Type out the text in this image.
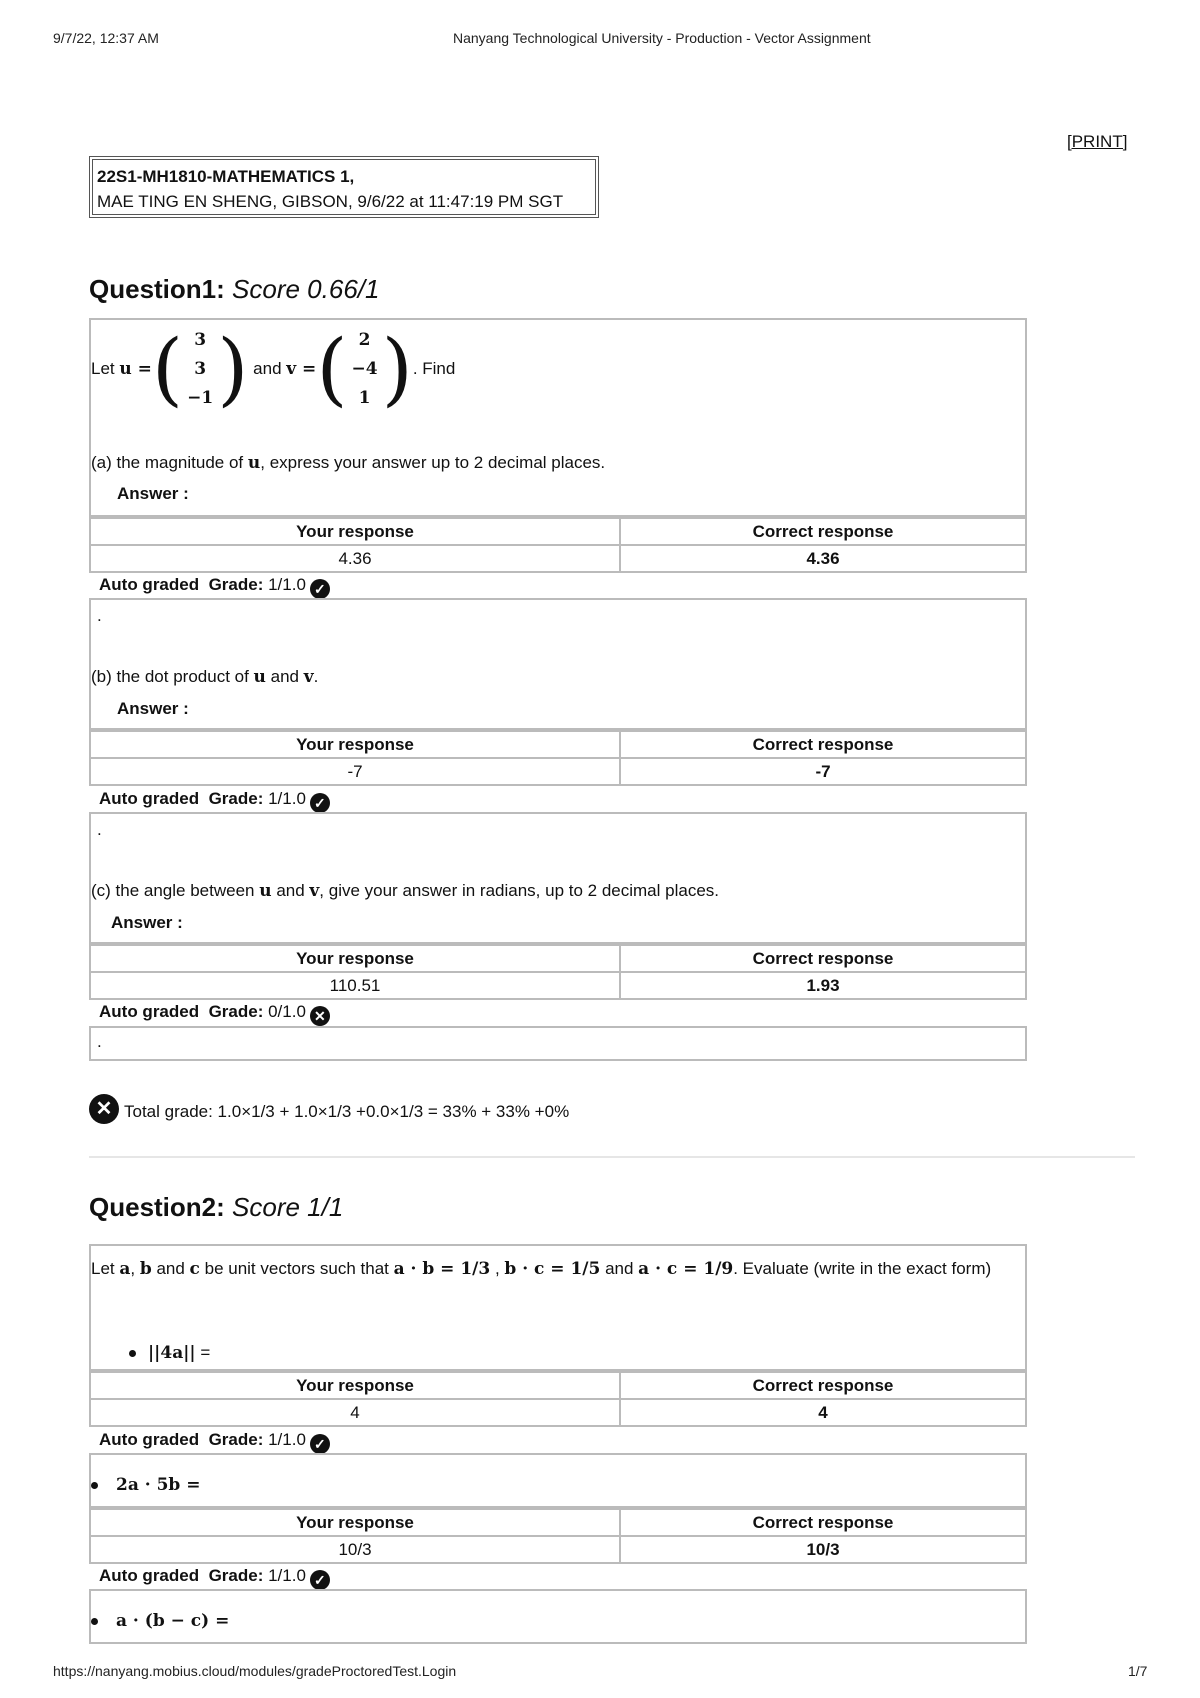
9/7/22, 12:37 AM	Nanyang Technological University - Production - Vector Assignment
[PRINT]
22S1-MH1810-MATHEMATICS 1,
MAE TING EN SHENG, GIBSON, 9/6/22 at 11:47:19 PM SGT
Question1: Score 0.66/1
Let
u = ( 3
3
−1 )
and
v = ( 2
−4
1 ) . Find
(a) the magnitude of u, express your answer up to 2 decimal places.
Answer :
Your response	Correct response
4.36	4.36
Auto graded Grade: 1/1.0 ✓
.
(b) the dot product of u and v.
Answer :
Your response	Correct response
-7	-7
Auto graded Grade: 1/1.0 ✓
.
(c) the angle between u and v, give your answer in radians, up to 2 decimal places.
Answer :
Your response	Correct response
110.51	1.93
Auto graded Grade: 0/1.0 ✕
.
✕ Total grade: 1.0×1/3 + 1.0×1/3 +0.0×1/3 = 33% + 33% +0%
Question2: Score 1/1
Let a, b and c be unit vectors such that a · b = 1/3 , b · c = 1/5 and a · c = 1/9. Evaluate (write in the exact form)
||4a|| =
Your response	Correct response
4	4
Auto graded Grade: 1/1.0 ✓
2a · 5b =
Your response	Correct response
10/3	10/3
Auto graded Grade: 1/1.0 ✓
a · (b − c) =
https://nanyang.mobius.cloud/modules/gradeProctoredTest.Login	1/7
